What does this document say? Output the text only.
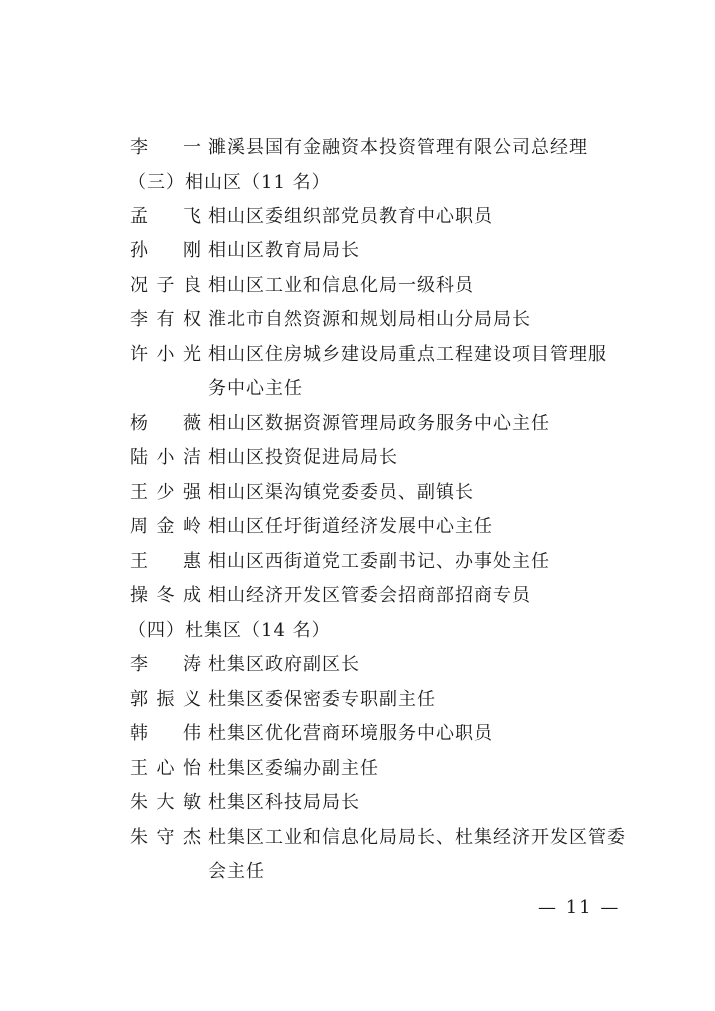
李　一 濉溪县国有金融资本投资管理有限公司总经理
（三）相山区（11 名）
孟　飞 相山区委组织部党员教育中心职员
孙　刚 相山区教育局局长
况子良 相山区工业和信息化局一级科员
李有权 淮北市自然资源和规划局相山分局局长
许小光 相山区住房城乡建设局重点工程建设项目管理服
务中心主任
杨　薇 相山区数据资源管理局政务服务中心主任
陆小洁 相山区投资促进局局长
王少强 相山区渠沟镇党委委员、副镇长
周金岭 相山区任圩街道经济发展中心主任
王　惠 相山区西街道党工委副书记、办事处主任
操冬成 相山经济开发区管委会招商部招商专员
（四）杜集区（14 名）
李　涛 杜集区政府副区长
郭振义 杜集区委保密委专职副主任
韩　伟 杜集区优化营商环境服务中心职员
王心怡 杜集区委编办副主任
朱大敏 杜集区科技局局长
朱守杰 杜集区工业和信息化局局长、杜集经济开发区管委
会主任
— 11 —
